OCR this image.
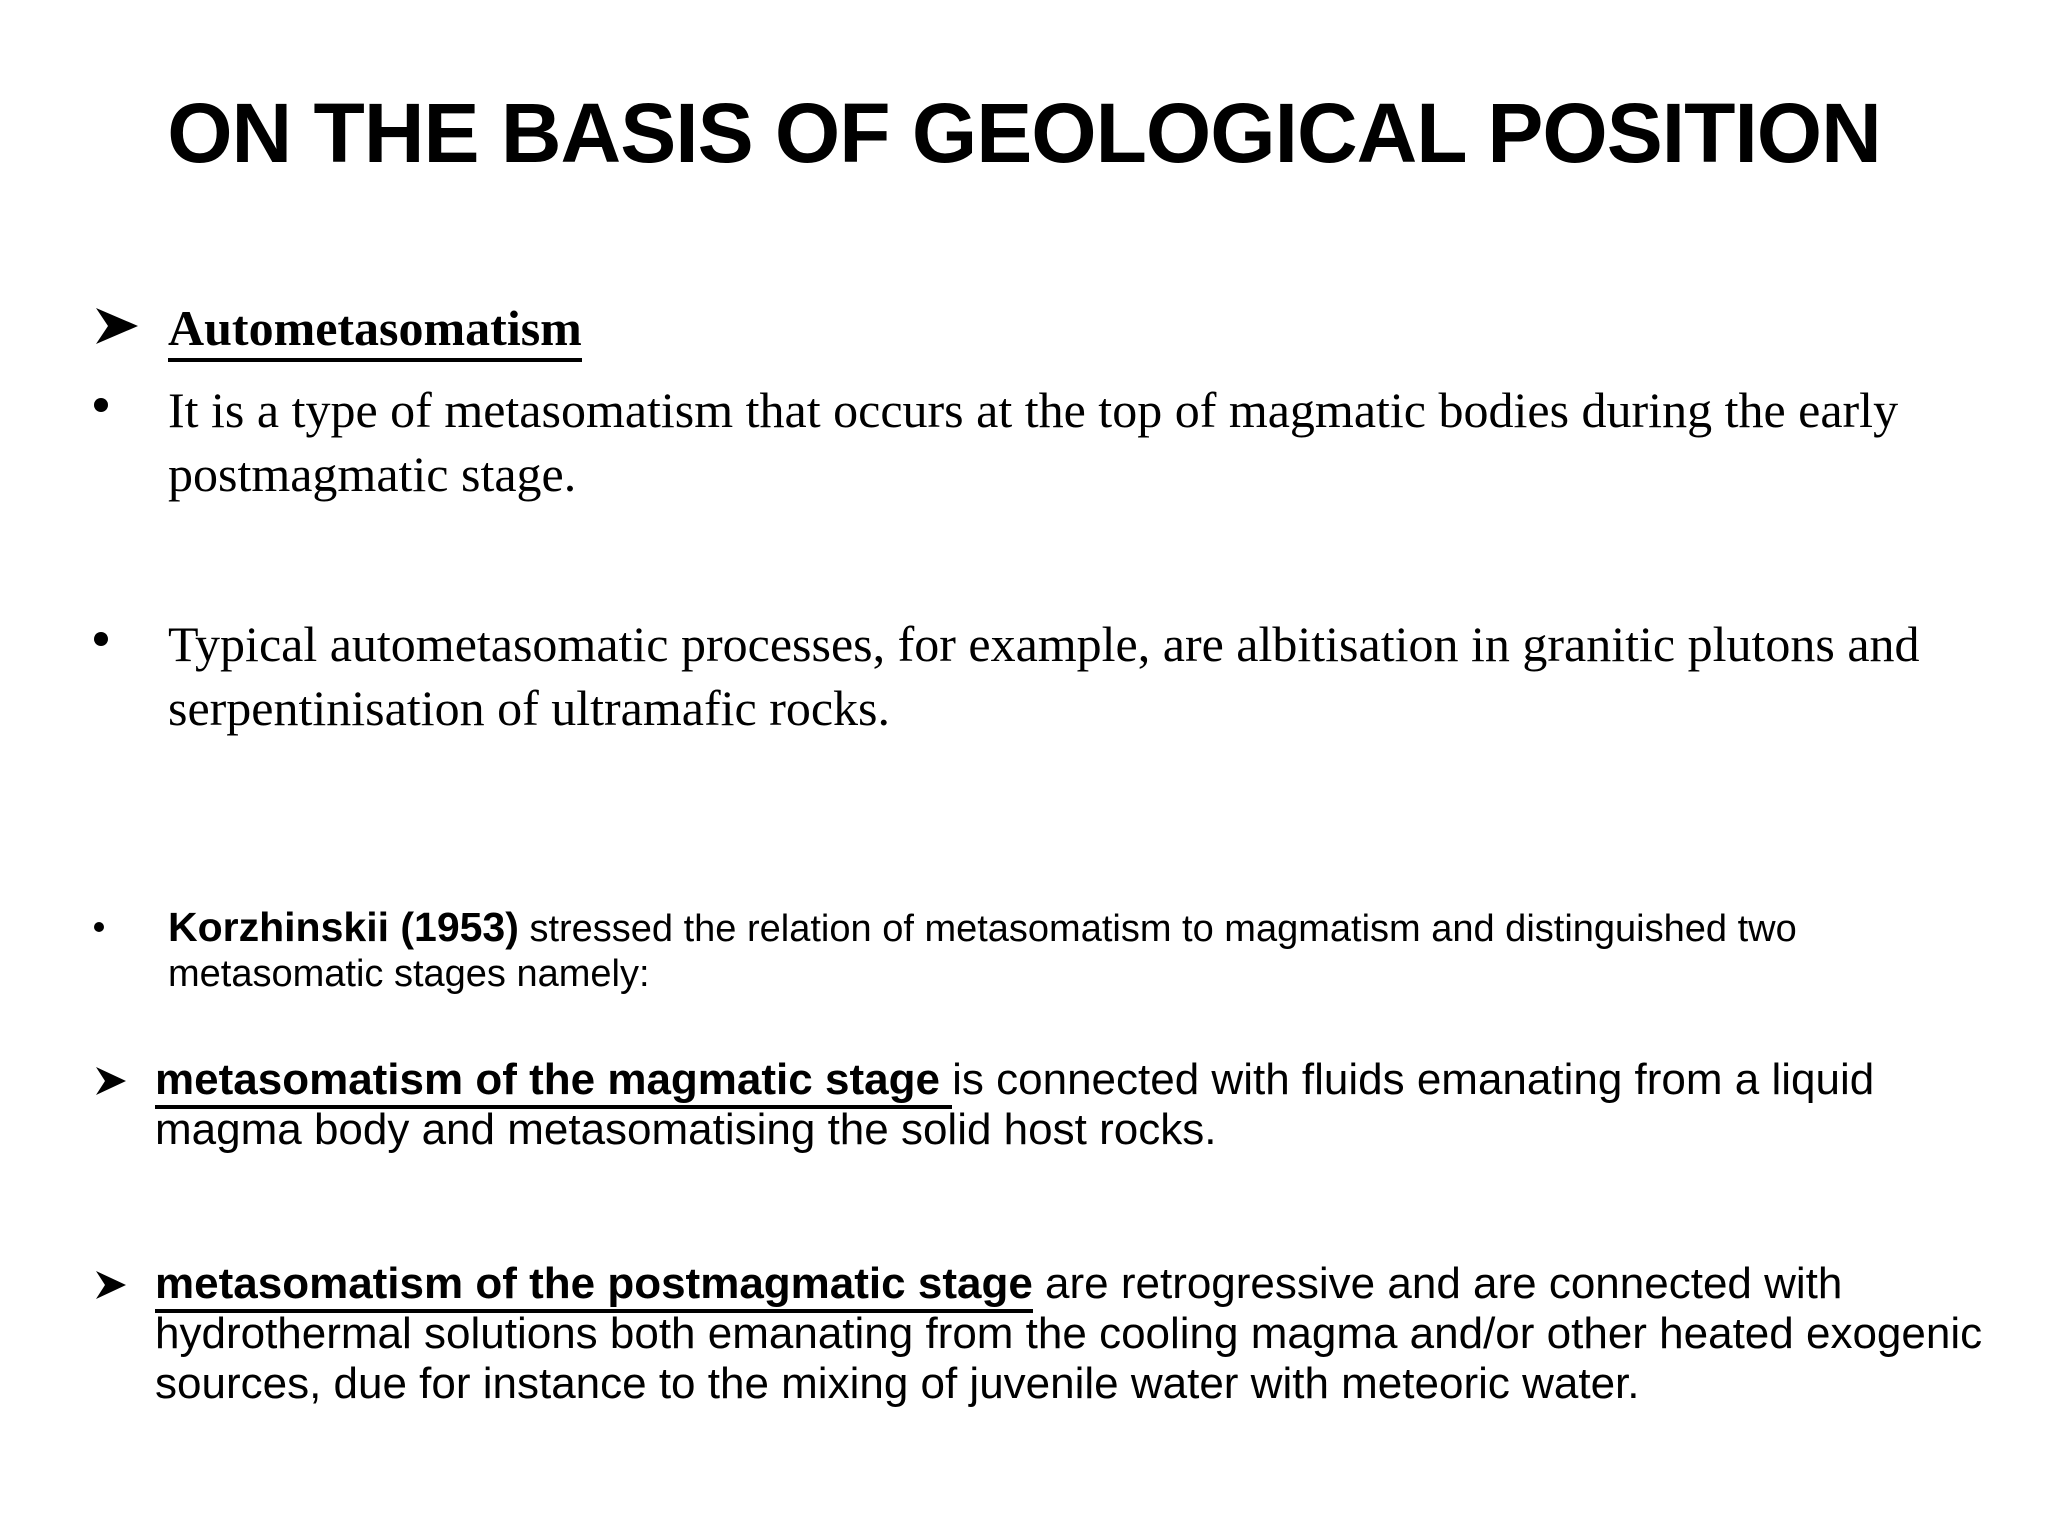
ON THE BASIS OF GEOLOGICAL POSITION
Autometasomatism
It is a type of metasomatism that occurs at the top of magmatic bodies during the early postmagmatic stage.
Typical autometasomatic processes, for example, are albitisation in granitic plutons and serpentinisation of ultramafic rocks.
Korzhinskii (1953) stressed the relation of metasomatism to magmatism and distinguished two metasomatic stages namely:
metasomatism of the magmatic stage is connected with fluids emanating from a liquid magma body and metasomatising the solid host rocks.
metasomatism of the postmagmatic stage are retrogressive and are connected with hydrothermal solutions both emanating from the cooling magma and/or other heated exogenic sources, due for instance to the mixing of juvenile water with meteoric water.
